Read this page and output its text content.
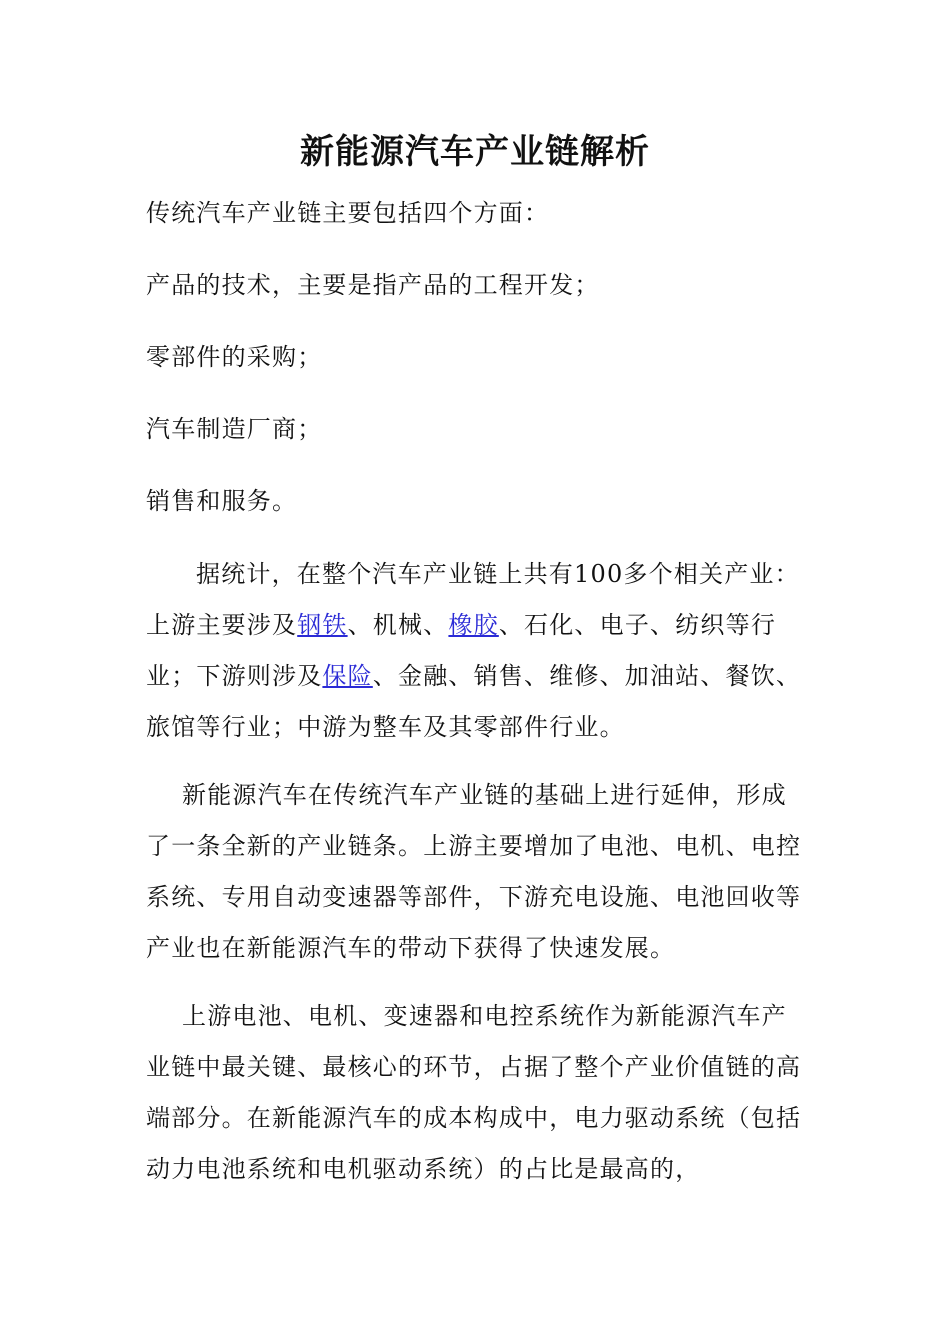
新能源汽车产业链解析

传统汽车产业链主要包括四个方面：

产品的技术，主要是指产品的工程开发；

零部件的采购；

汽车制造厂商；

销售和服务。

据统计，在整个汽车产业链上共有100多个相关产业：上游主要涉及钢铁、机械、橡胶、石化、电子、纺织等行业；下游则涉及保险、金融、销售、维修、加油站、餐饮、旅馆等行业；中游为整车及其零部件行业。

新能源汽车在传统汽车产业链的基础上进行延伸，形成了一条全新的产业链条。上游主要增加了电池、电机、电控系统、专用自动变速器等部件，下游充电设施、电池回收等产业也在新能源汽车的带动下获得了快速发展。

上游电池、电机、变速器和电控系统作为新能源汽车产业链中最关键、最核心的环节，占据了整个产业价值链的高端部分。在新能源汽车的成本构成中，电力驱动系统（包括动力电池系统和电机驱动系统）的占比是最高的，
